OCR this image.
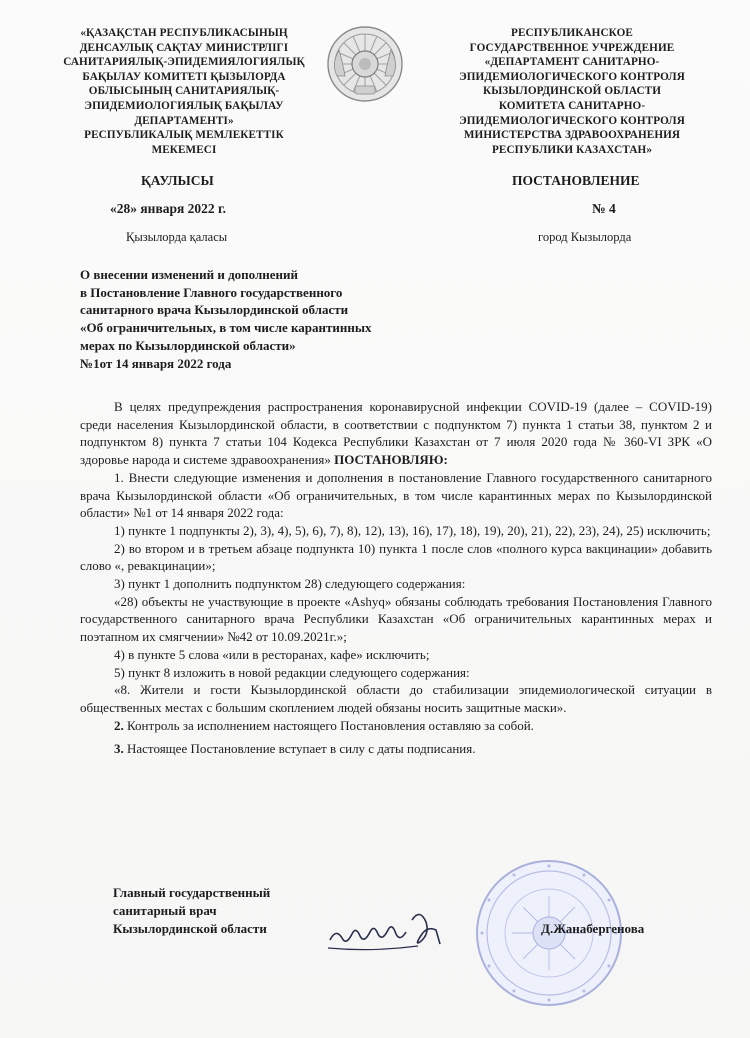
«ҚАЗАҚСТАН РЕСПУБЛИКАСЫНЫҢ
ДЕНСАУЛЫҚ САҚТАУ МИНИСТРЛІГІ
САНИТАРИЯЛЫҚ-ЭПИДЕМИЯЛОГИЯЛЫҚ
БАҚЫЛАУ КОМИТЕТІ ҚЫЗЫЛОРДА
ОБЛЫСЫНЫҢ САНИТАРИЯЛЫҚ-
ЭПИДЕМИОЛОГИЯЛЫҚ БАҚЫЛАУ
ДЕПАРТАМЕНТІ»
РЕСПУБЛИКАЛЫҚ МЕМЛЕКЕТТІК
МЕКЕМЕСІ
РЕСПУБЛИКАНСКОЕ
ГОСУДАРСТВЕННОЕ УЧРЕЖДЕНИЕ
«ДЕПАРТАМЕНТ САНИТАРНО-
ЭПИДЕМИОЛОГИЧЕСКОГО КОНТРОЛЯ
КЫЗЫЛОРДИНСКОЙ ОБЛАСТИ
КОМИТЕТА САНИТАРНО-
ЭПИДЕМИОЛОГИЧЕСКОГО КОНТРОЛЯ
МИНИСТЕРСТВА ЗДРАВООХРАНЕНИЯ
РЕСПУБЛИКИ КАЗАХСТАН»
ҚАУЛЫСЫ	ПОСТАНОВЛЕНИЕ
«28» января 2022 г.	№ 4
Қызылорда қаласы	город Кызылорда
О внесении изменений и дополнений
в Постановление Главного государственного
санитарного врача Кызылординской области
«Об ограничительных, в том числе карантинных
мерах по Кызылординской области»
№1от 14 января 2022 года

В целях предупреждения распространения коронавирусной инфекции COVID-19 (далее – COVID-19) среди населения Кызылординской области, в соответствии с подпунктом 7) пункта 1 статьи 38, пунктом 2 и подпунктом 8) пункта 7 статьи 104 Кодекса Республики Казахстан от 7 июля 2020 года № 360-VI ЗРК «О здоровье народа и системе здравоохранения» ПОСТАНОВЛЯЮ:

1. Внести следующие изменения и дополнения в постановление Главного государственного санитарного врача Кызылординской области «Об ограничительных, в том числе карантинных мерах по Кызылординской области» №1 от 14 января 2022 года:

1) пункте 1 подпункты 2), 3), 4), 5), 6), 7), 8), 12), 13), 16), 17), 18), 19), 20), 21), 22), 23), 24), 25) исключить;

2) во втором и в третьем абзаце подпункта 10) пункта 1 после слов «полного курса вакцинации» добавить слово «, ревакцинации»;

3) пункт 1 дополнить подпунктом 28) следующего содержания:

«28) объекты не участвующие в проекте «Ashyq» обязаны соблюдать требования Постановления Главного государственного санитарного врача Республики Казахстан «Об ограничительных карантинных мерах и поэтапном их смягчении» №42 от 10.09.2021г.»;

4) в пункте 5 слова «или в ресторанах, кафе» исключить;

5) пункт 8 изложить в новой редакции следующего содержания:

«8. Жители и гости Кызылординской области до стабилизации эпидемиологической ситуации в общественных местах с большим скоплением людей обязаны носить защитные маски».

2. Контроль за исполнением настоящего Постановления оставляю за собой.

3. Настоящее Постановление вступает в силу с даты подписания.

Главный государственный
санитарный врач
Кызылординской области	Д.Жанабергенова
